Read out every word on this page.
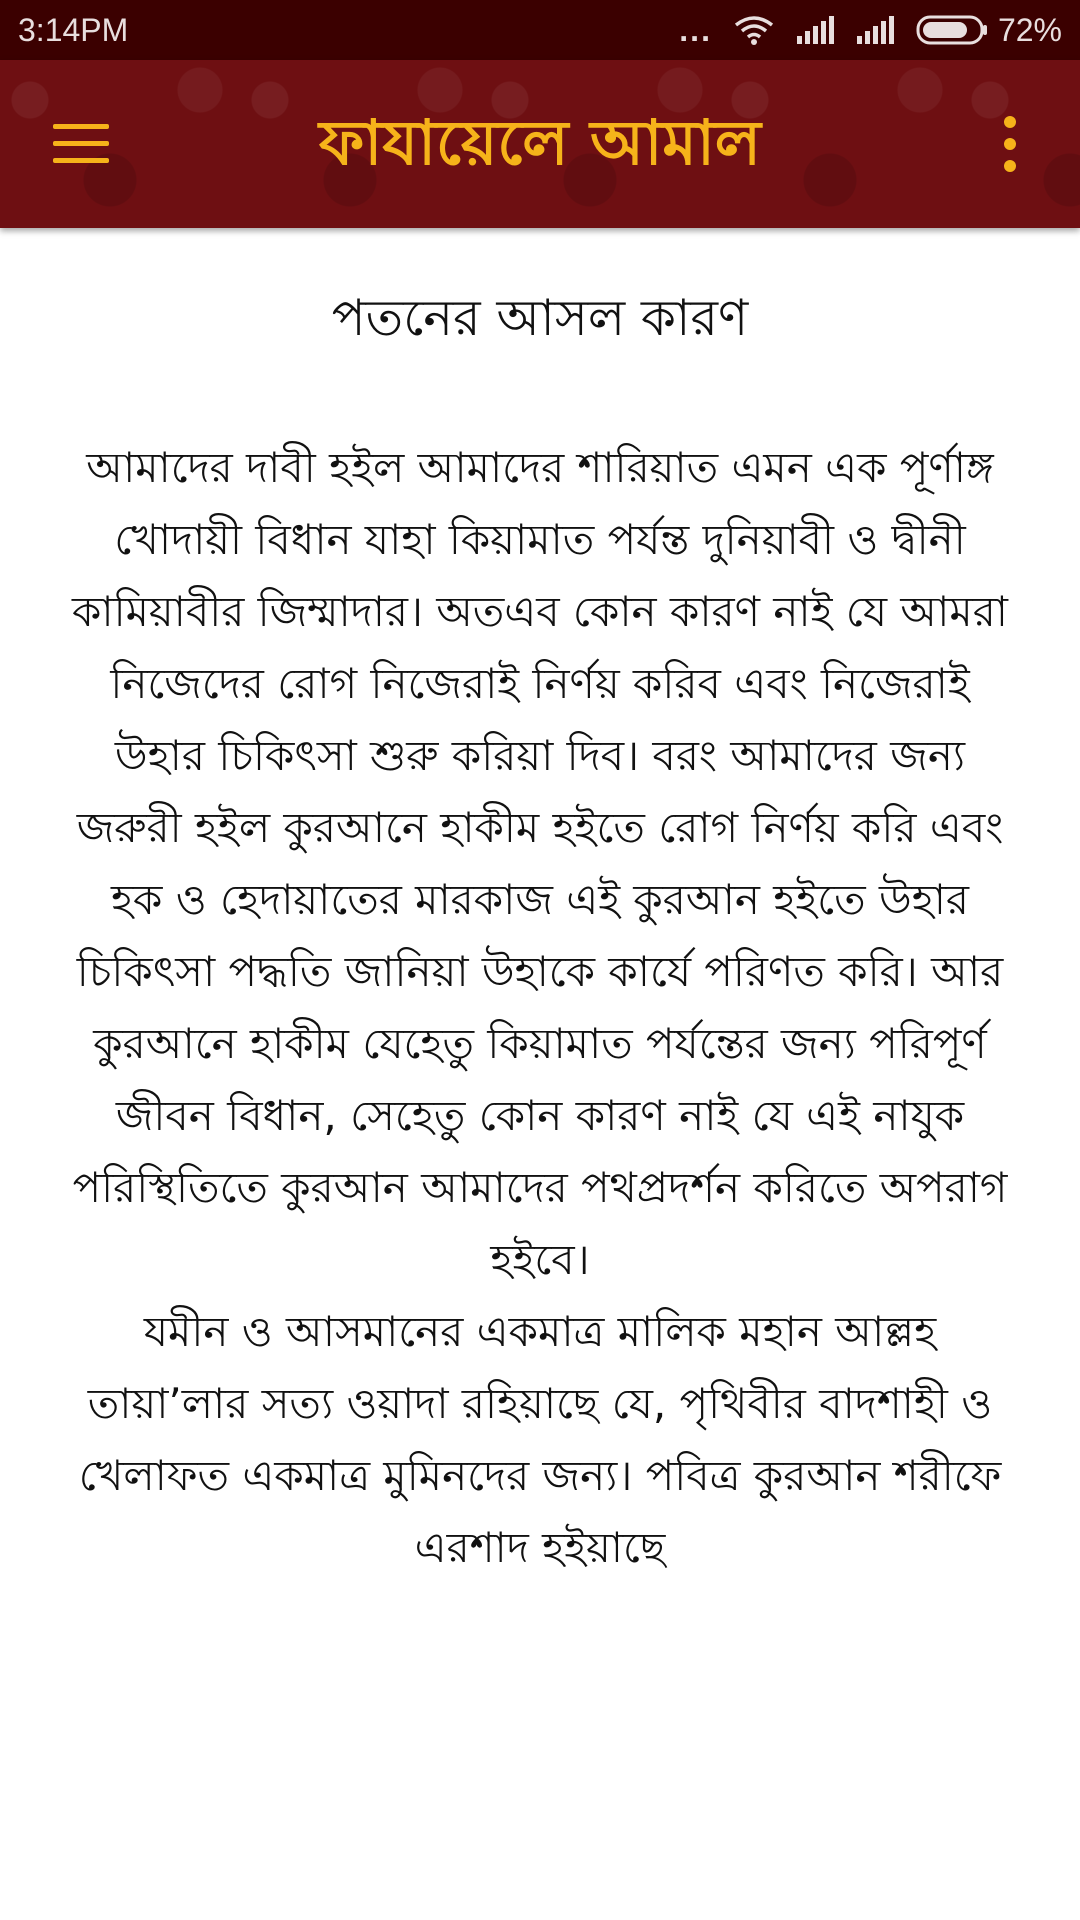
3:14PM	...	72%
ফাযায়েলে আমাল
পতনের আসল কারণ

আমাদের দাবী হইল আমাদের শারিয়াত এমন এক পূর্ণাঙ্গ খোদায়ী বিধান যাহা কিয়ামাত পর্যন্ত দুনিয়াবী ও দ্বীনী কামিয়াবীর জিম্মাদার। অতএব কোন কারণ নাই যে আমরা নিজেদের রোগ নিজেরাই নির্ণয় করিব এবং নিজেরাই উহার চিকিৎসা শুরু করিয়া দিব। বরং আমাদের জন্য জরুরী হইল কুরআনে হাকীম হইতে রোগ নির্ণয় করি এবং হক ও হেদায়াতের মারকাজ এই কুরআন হইতে উহার চিকিৎসা পদ্ধতি জানিয়া উহাকে কার্যে পরিণত করি। আর কুরআনে হাকীম যেহেতু কিয়ামাত পর্যন্তের জন্য পরিপূর্ণ জীবন বিধান, সেহেতু কোন কারণ নাই যে এই নাযুক পরিস্থিতিতে কুরআন আমাদের পথপ্রদর্শন করিতে অপরাগ হইবে।

যমীন ও আসমানের একমাত্র মালিক মহান আল্লহ তায়া’লার সত্য ওয়াদা রহিয়াছে যে, পৃথিবীর বাদশাহী ও খেলাফত একমাত্র মুমিনদের জন্য। পবিত্র কুরআন শরীফে এরশাদ হইয়াছে
